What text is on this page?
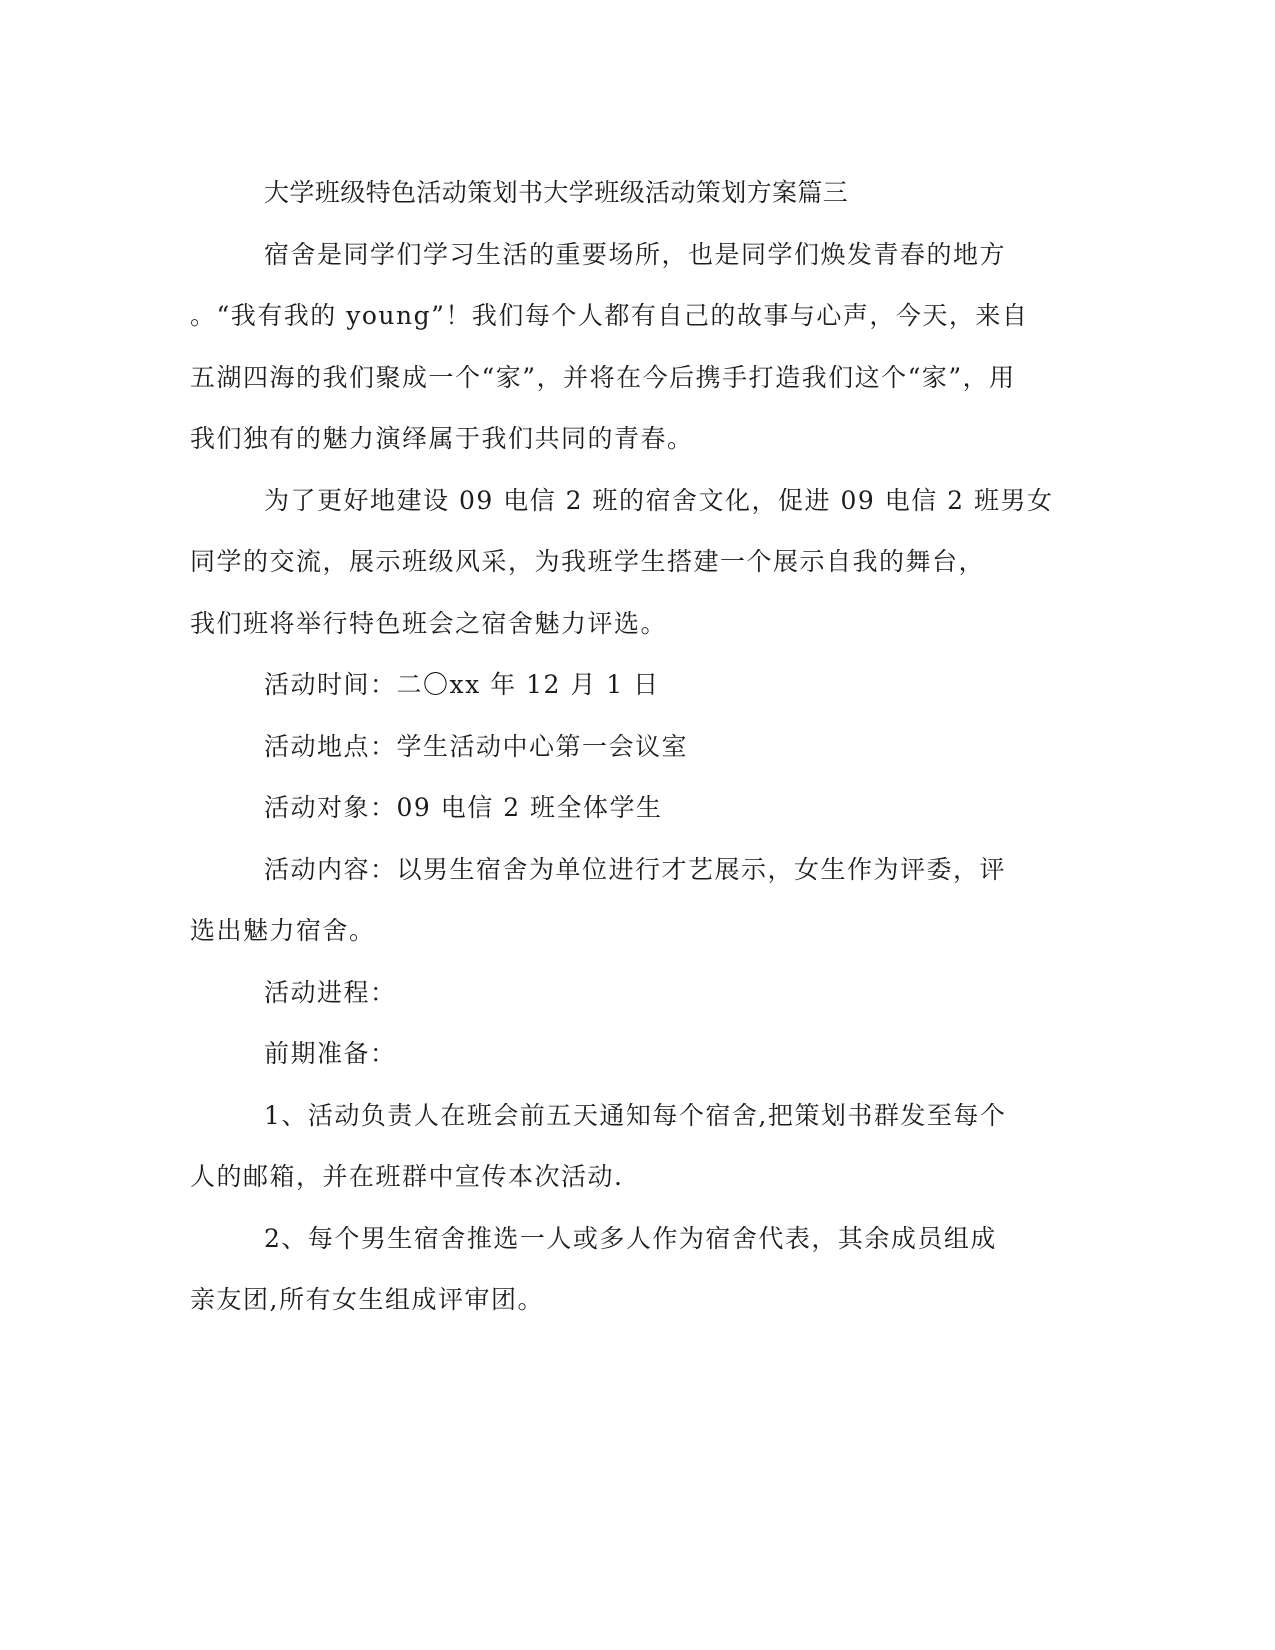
大学班级特色活动策划书大学班级活动策划方案篇三
宿舍是同学们学习生活的重要场所，也是同学们焕发青春的地方
。“我有我的 young”！我们每个人都有自己的故事与心声，今天，来自
五湖四海的我们聚成一个“家”，并将在今后携手打造我们这个“家”，用
我们独有的魅力演绎属于我们共同的青春。
为了更好地建设 09 电信 2 班的宿舍文化，促进 09 电信 2 班男女
同学的交流，展示班级风采，为我班学生搭建一个展示自我的舞台，
我们班将举行特色班会之宿舍魅力评选。
活动时间：二〇xx 年 12 月 1 日
活动地点：学生活动中心第一会议室
活动对象：09 电信 2 班全体学生
活动内容：以男生宿舍为单位进行才艺展示，女生作为评委，评
选出魅力宿舍。
活动进程：
前期准备：
1、活动负责人在班会前五天通知每个宿舍,把策划书群发至每个
人的邮箱，并在班群中宣传本次活动.
2、每个男生宿舍推选一人或多人作为宿舍代表，其余成员组成
亲友团,所有女生组成评审团。
